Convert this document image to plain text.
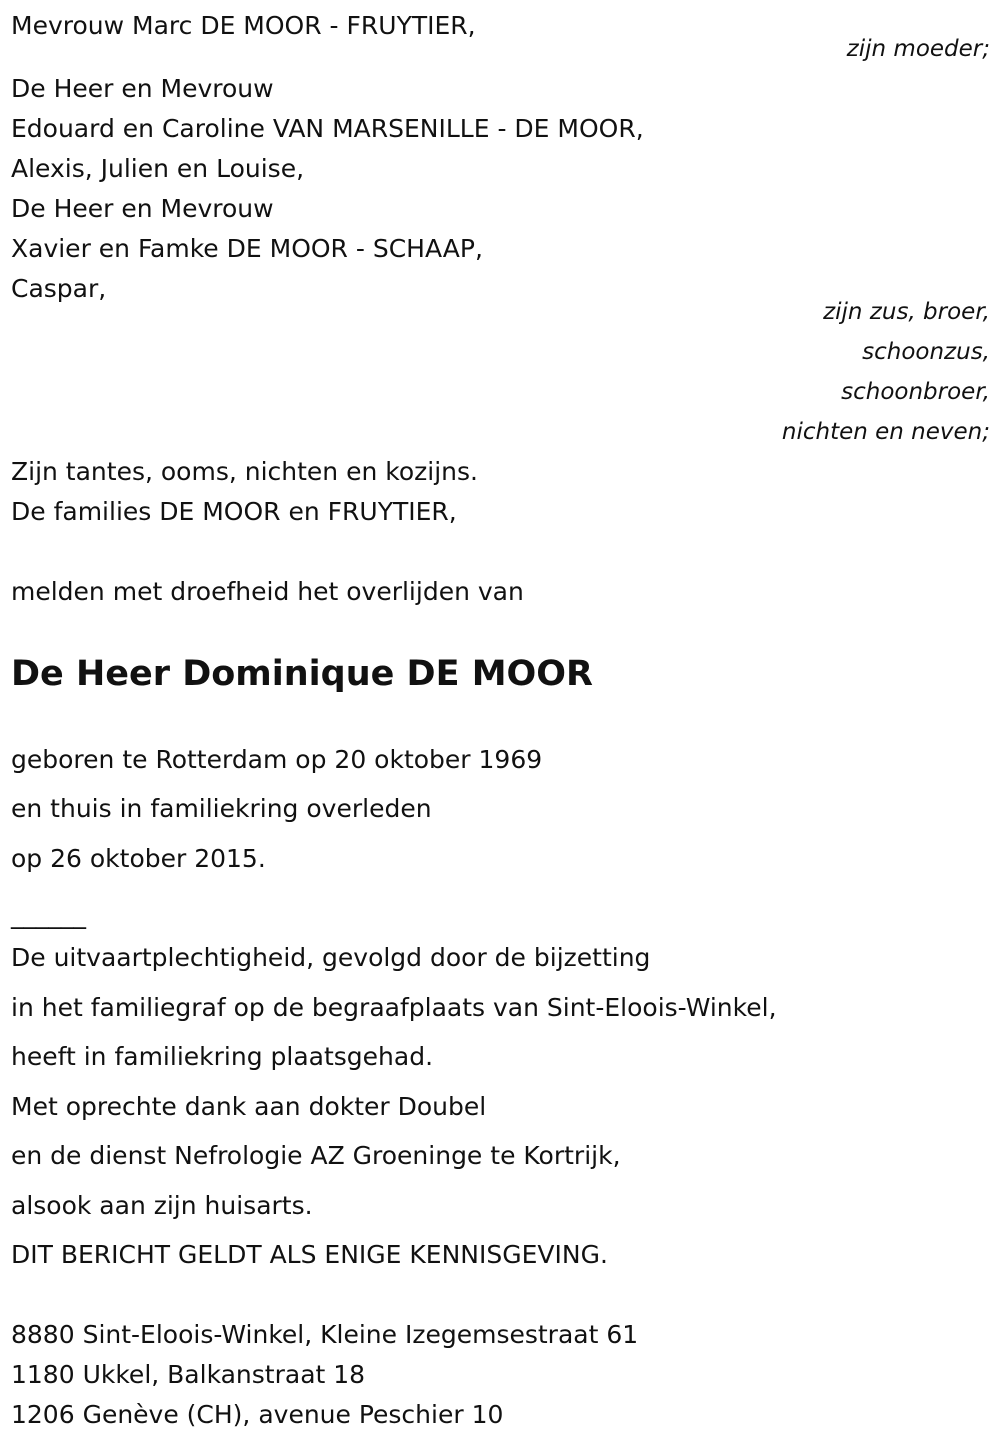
Mevrouw Marc DE MOOR - FRUYTIER,
zijn moeder;
De Heer en Mevrouw
Edouard en Caroline VAN MARSENILLE - DE MOOR,
Alexis, Julien en Louise,
De Heer en Mevrouw
Xavier en Famke DE MOOR - SCHAAP,
Caspar,
zijn zus, broer,
schoonzus,
schoonbroer,
nichten en neven;
Zijn tantes, ooms, nichten en kozijns.
De families DE MOOR en FRUYTIER,
melden met droefheid het overlijden van
De Heer Dominique DE MOOR
geboren te Rotterdam op 20 oktober 1969
en thuis in familiekring overleden
op 26 oktober 2015.
______
De uitvaartplechtigheid, gevolgd door de bijzetting
in het familiegraf op de begraafplaats van Sint-Eloois-Winkel,
heeft in familiekring plaatsgehad.
Met oprechte dank aan dokter Doubel
en de dienst Nefrologie AZ Groeninge te Kortrijk,
alsook aan zijn huisarts.
DIT BERICHT GELDT ALS ENIGE KENNISGEVING.
8880 Sint-Eloois-Winkel, Kleine Izegemsestraat 61
1180 Ukkel, Balkanstraat 18
1206 Genève (CH), avenue Peschier 10
